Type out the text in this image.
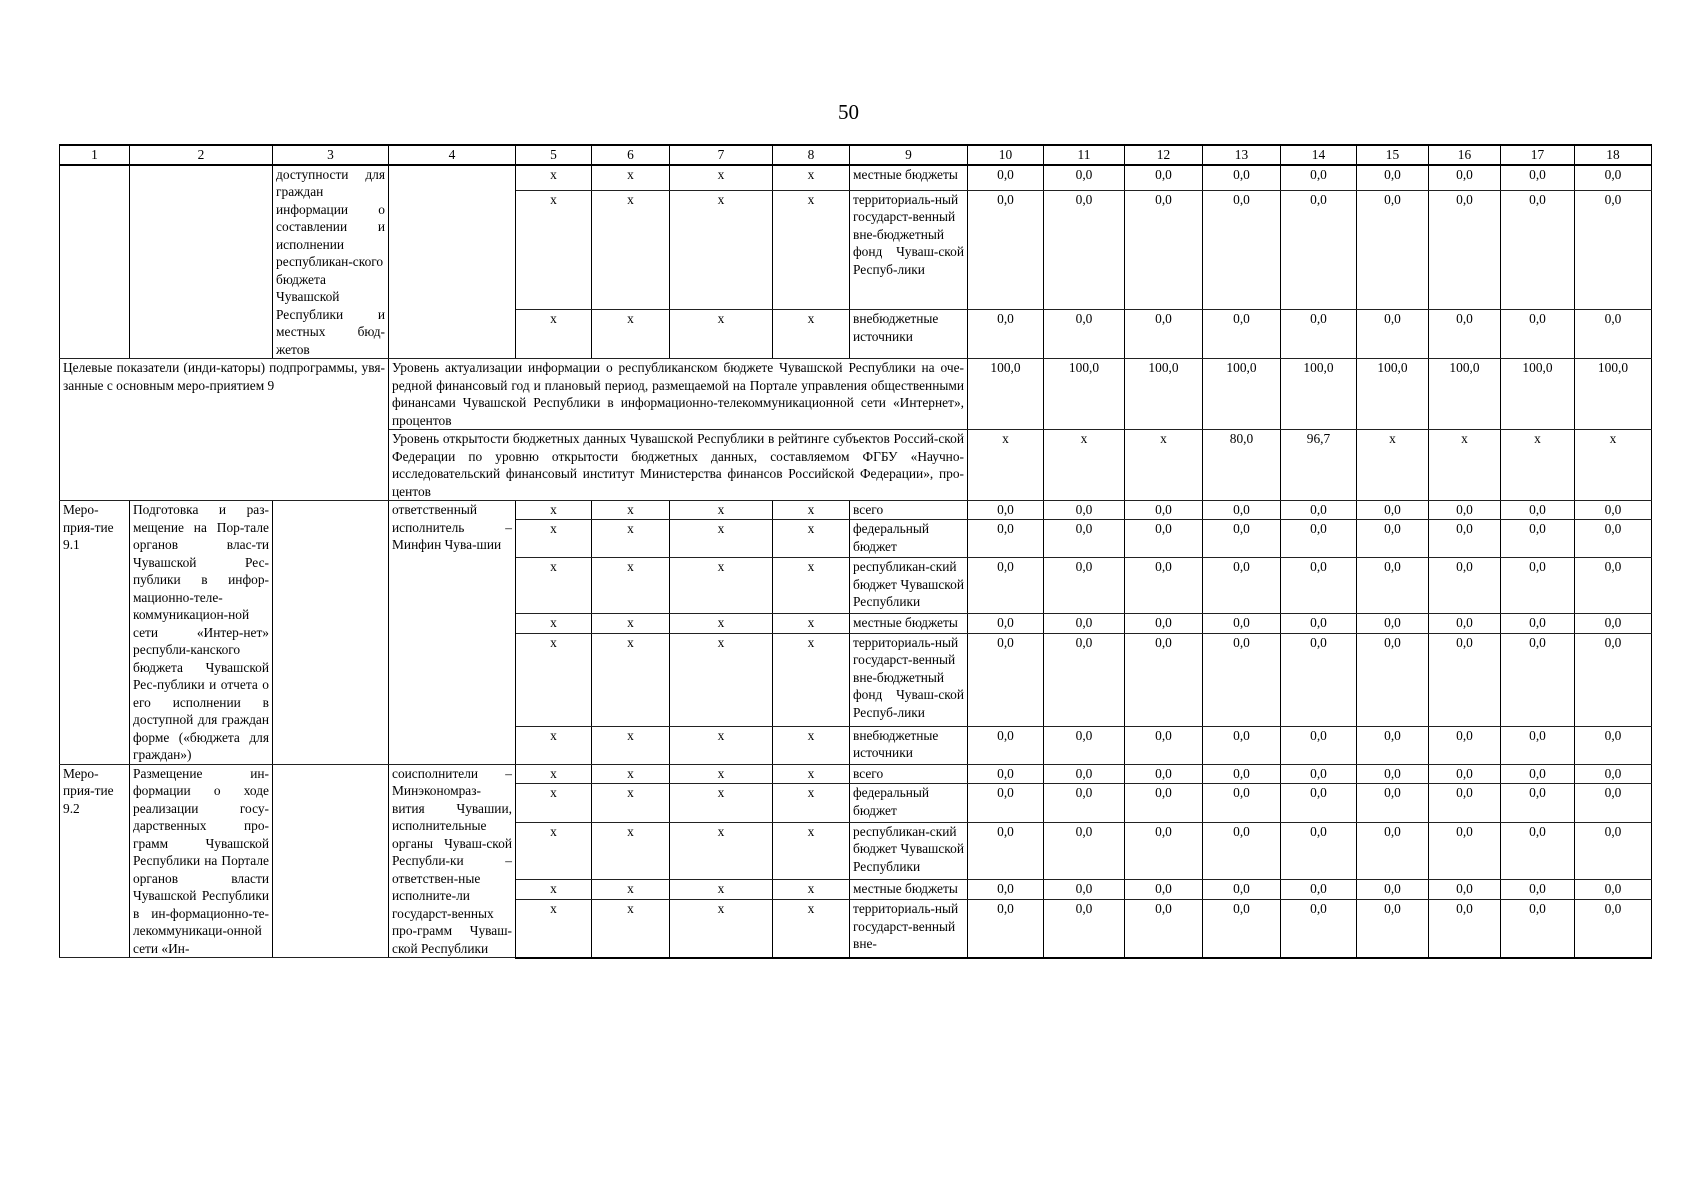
50
1	2	3	4	5	6	7	8	9	10	11	12	13	14	15	16	17	18
		доступности для граждан информации о составлении и исполнении республикан-ского бюджета Чувашской Республики и местных бюд-жетов		x	x	x	x	местные бюджеты	0,0	0,0	0,0	0,0	0,0	0,0	0,0	0,0	0,0
				x	x	x	x	территориаль-ный государст-венный вне-бюджетный фонд Чуваш-ской Респуб-лики	0,0	0,0	0,0	0,0	0,0	0,0	0,0	0,0	0,0
				x	x	x	x	внебюджетные источники	0,0	0,0	0,0	0,0	0,0	0,0	0,0	0,0	0,0
Целевые показатели (инди-каторы) подпрограммы, увя-занные с основным меро-приятием 9			Уровень актуализации информации о республиканском бюджете Чувашской Республики на оче-редной финансовый год и плановый период, размещаемой на Портале управления общественными финансами Чувашской Республики в информационно-телекоммуникационной сети «Интернет», процентов						100,0	100,0	100,0	100,0	100,0	100,0	100,0	100,0	100,0
			Уровень открытости бюджетных данных Чувашской Республики в рейтинге субъектов Россий-ской Федерации по уровню открытости бюджетных данных, составляемом ФГБУ «Научно-исследовательский финансовый институт Министерства финансов Российской Федерации», про-центов						x	x	x	80,0	96,7	x	x	x	x
Меро-прия-тие 9.1	Подготовка и раз-мещение на Пор-тале органов влас-ти Чувашской Рес-публики в инфор-мационно-теле-коммуникацион-ной сети «Интер-нет» республи-канского бюджета Чувашской Рес-публики и отчета о его исполнении в доступной для граждан форме («бюджета для граждан»)		ответственный исполнитель – Минфин Чува-шии	x	x	x	x	всего	0,0	0,0	0,0	0,0	0,0	0,0	0,0	0,0	0,0
				x	x	x	x	федеральный бюджет	0,0	0,0	0,0	0,0	0,0	0,0	0,0	0,0	0,0
				x	x	x	x	республикан-ский бюджет Чувашской Республики	0,0	0,0	0,0	0,0	0,0	0,0	0,0	0,0	0,0
				x	x	x	x	местные бюджеты	0,0	0,0	0,0	0,0	0,0	0,0	0,0	0,0	0,0
				x	x	x	x	территориаль-ный государст-венный вне-бюджетный фонд Чуваш-ской Респуб-лики	0,0	0,0	0,0	0,0	0,0	0,0	0,0	0,0	0,0
				x	x	x	x	внебюджетные источники	0,0	0,0	0,0	0,0	0,0	0,0	0,0	0,0	0,0
Меро-прия-тие 9.2	Размещение ин-формации о ходе реализации госу-дарственных про-грамм Чувашской Республики на Портале органов власти Чувашской Республики в ин-формационно-те-лекоммуникаци-онной сети «Ин-		соисполнители – Минэкономраз-вития Чувашии, исполнительные органы Чуваш-ской Республи-ки – ответствен-ные исполните-ли государст-венных про-грамм Чуваш-ской Республики	x	x	x	x	всего	0,0	0,0	0,0	0,0	0,0	0,0	0,0	0,0	0,0
				x	x	x	x	федеральный бюджет	0,0	0,0	0,0	0,0	0,0	0,0	0,0	0,0	0,0
				x	x	x	x	республикан-ский бюджет Чувашской Республики	0,0	0,0	0,0	0,0	0,0	0,0	0,0	0,0	0,0
				x	x	x	x	местные бюджеты	0,0	0,0	0,0	0,0	0,0	0,0	0,0	0,0	0,0
				x	x	x	x	территориаль-ный государст-венный вне-	0,0	0,0	0,0	0,0	0,0	0,0	0,0	0,0	0,0
